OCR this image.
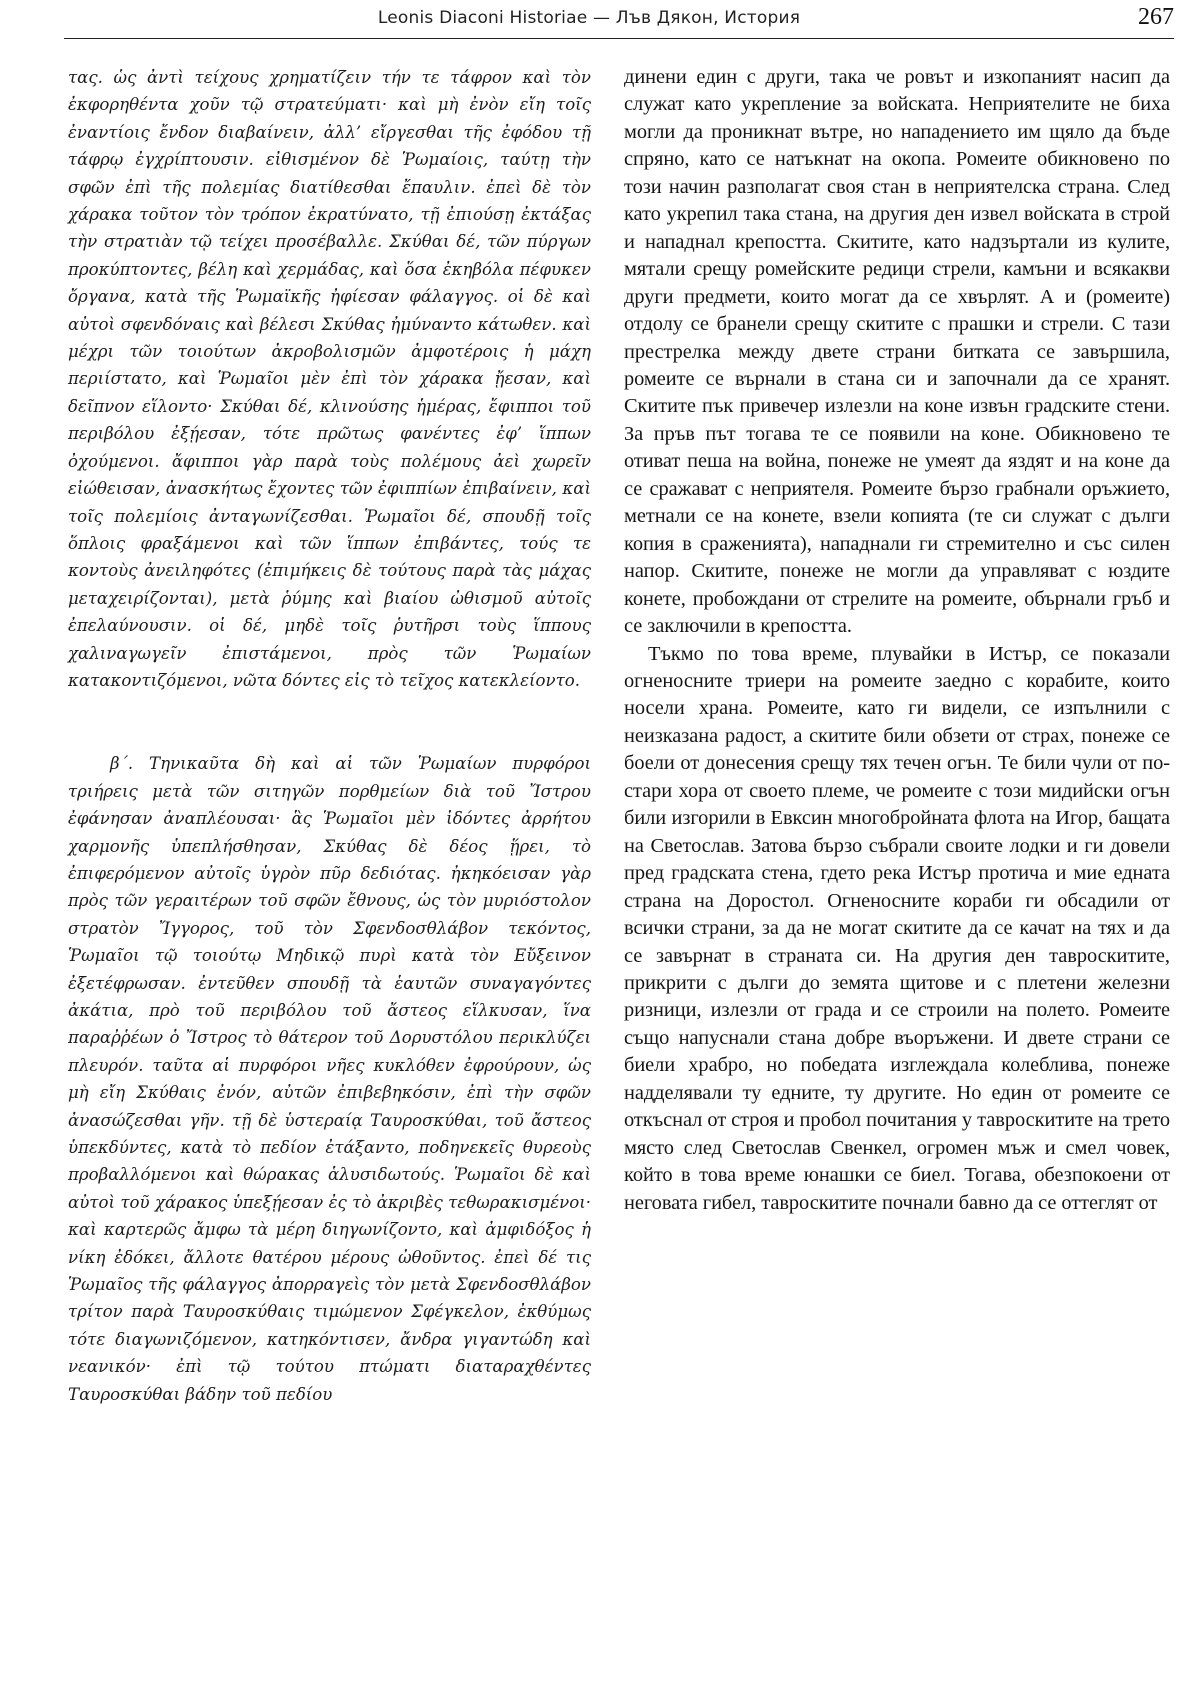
Leonis Diaconi Historiae — Лъв Дякон, История	267

τας. ὡς ἀντὶ τείχους χρηματίζειν τήν τε τάφρον καὶ τὸν ἐκφορηθέντα χοῦν τῷ στρατεύματι· καὶ μὴ ἐνὸν εἴη τοῖς ἐναντίοις ἔνδον διαβαίνειν, ἀλλ’ εἴργεσθαι τῆς ἐφόδου τῇ τάφρῳ ἐγχρίπτουσιν. εἰθισμένον δὲ Ῥωμαίοις, ταύτῃ τὴν σφῶν ἐπὶ τῆς πολεμίας διατίθεσθαι ἔπαυλιν. ἐπεὶ δὲ τὸν χάρακα τοῦτον τὸν τρόπον ἐκρατύνατο, τῇ ἐπιούσῃ ἐκτάξας τὴν στρατιὰν τῷ τείχει προσέβαλλε. Σκύθαι δέ, τῶν πύργων προκύπτοντες, βέλη καὶ χερμάδας, καὶ ὅσα ἐκηβόλα πέφυκεν ὄργανα, κατὰ τῆς Ῥωμαϊκῆς ἠφίεσαν φάλαγγος. οἱ δὲ καὶ αὐτοὶ σφενδόναις καὶ βέλεσι Σκύθας ἠμύναντο κάτωθεν. καὶ μέχρι τῶν τοιούτων ἀκροβολισμῶν ἀμφοτέροις ἡ μάχη περιίστατο, καὶ Ῥωμαῖοι μὲν ἐπὶ τὸν χάρακα ᾔεσαν, καὶ δεῖπνον εἵλοντο· Σκύθαι δέ, κλινούσης ἡμέρας, ἔφιπποι τοῦ περιβόλου ἐξῄεσαν, τότε πρῶτως φανέντες ἐφ’ ἵππων ὀχούμενοι. ἄφιπποι γὰρ παρὰ τοὺς πολέμους ἀεὶ χωρεῖν εἰώθεισαν, ἀνασκήτως ἔχοντες τῶν ἐφιππίων ἐπιβαίνειν, καὶ τοῖς πολεμίοις ἀνταγωνίζεσθαι. Ῥωμαῖοι δέ, σπουδῇ τοῖς ὅπλοις φραξάμενοι καὶ τῶν ἵππων ἐπιβάντες, τούς τε κοντοὺς ἀνειληφότες (ἐπιμήκεις δὲ τούτους παρὰ τὰς μάχας μεταχειρίζονται), μετὰ ῥύμης καὶ βιαίου ὠθισμοῦ αὐτοῖς ἐπελαύνουσιν. οἱ δέ, μηδὲ τοῖς ῥυτῆρσι τοὺς ἵππους χαλιναγωγεῖν ἐπιστάμενοι, πρὸς τῶν Ῥωμαίων κατακοντιζόμενοι, νῶτα δόντες εἰς τὸ τεῖχος κατεκλείοντο.

β´. Τηνικαῦτα δὴ καὶ αἱ τῶν Ῥωμαίων πυρφόροι τριήρεις μετὰ τῶν σιτηγῶν πορθμείων διὰ τοῦ Ἴστρου ἐφάνησαν ἀναπλέουσαι· ἃς Ῥωμαῖοι μὲν ἰδόντες ἀρρήτου χαρμονῆς ὑπεπλήσθησαν, Σκύθας δὲ δέος ᾕρει, τὸ ἐπιφερόμενον αὐτοῖς ὑγρὸν πῦρ δεδιότας. ἠκηκόεισαν γὰρ πρὸς τῶν γεραιτέρων τοῦ σφῶν ἔθνους, ὡς τὸν μυριόστολον στρατὸν Ἴγγορος, τοῦ τὸν Σφενδοσθλάβον τεκόντος, Ῥωμαῖοι τῷ τοιούτῳ Μηδικῷ πυρὶ κατὰ τὸν Εὔξεινον ἐξετέφρωσαν. ἐντεῦθεν σπουδῇ τὰ ἑαυτῶν συναγαγόντες ἀκάτια, πρὸ τοῦ περιβόλου τοῦ ἄστεος εἵλκυσαν, ἵνα παραῤῥέων ὁ Ἴστρος τὸ θάτερον τοῦ Δορυστόλου περικλύζει πλευρόν. ταῦτα αἱ πυρφόροι νῆες κυκλόθεν ἐφρούρουν, ὡς μὴ εἴη Σκύθαις ἐνόν, αὐτῶν ἐπιβεβηκόσιν, ἐπὶ τὴν σφῶν ἀνασώζεσθαι γῆν. τῇ δὲ ὑστεραίᾳ Ταυροσκύθαι, τοῦ ἄστεος ὑπεκδύντες, κατὰ τὸ πεδίον ἐτάξαντο, ποδηνεκεῖς θυρεοὺς προβαλλόμενοι καὶ θώρακας ἁλυσιδωτούς. Ῥωμαῖοι δὲ καὶ αὐτοὶ τοῦ χάρακος ὑπεξῄεσαν ἐς τὸ ἀκριβὲς τεθωρακισμένοι· καὶ καρτερῶς ἄμφω τὰ μέρη διηγωνίζοντο, καὶ ἀμφιδόξος ἡ νίκη ἐδόκει, ἄλλοτε θατέρου μέρους ὠθοῦντος. ἐπεὶ δέ τις Ῥωμαῖος τῆς φάλαγγος ἀπορραγεὶς τὸν μετὰ Σφενδοσθλάβον τρίτον παρὰ Ταυροσκύθαις τιμώμενον Σφέγκελον, ἐκθύμως τότε διαγωνιζόμενον, κατηκόντισεν, ἄνδρα γιγαντώδη καὶ νεανικόν· ἐπὶ τῷ τούτου πτώματι διαταραχθέντες Ταυροσκύθαι βάδην τοῦ πεδίου

динени един с други, така че ровът и изкопаният насип да служат като укрепление за войската. Неприятелите не биха могли да проникнат вътре, но нападението им щяло да бъде спряно, като се натъкнат на окопа. Ромеите обикновено по този начин разполагат своя стан в неприятелска страна. След като укрепил така стана, на другия ден извел войската в строй и нападнал крепостта. Скитите, като надзъртали из кулите, мятали срещу ромейските редици стрели, камъни и всякакви други предмети, които могат да се хвърлят. А и (ромеите) отдолу се бранели срещу скитите с прашки и стрели. С тази престрелка между двете страни битката се завършила, ромеите се върнали в стана си и започнали да се хранят. Скитите пък привечер излезли на коне извън градските стени. За пръв път тогава те се появили на коне. Обикновено те отиват пеша на война, понеже не умеят да яздят и на коне да се сражават с неприятеля. Ромеите бързо грабнали оръжието, метнали се на конете, взели копията (те си служат с дълги копия в сраженията), нападнали ги стремително и със силен напор. Скитите, понеже не могли да управляват с юздите конете, пробождани от стрелите на ромеите, обърнали гръб и се заключили в крепостта.

Тъкмо по това време, плувайки в Истър, се показали огненосните триери на ромеите заедно с корабите, които носели храна. Ромеите, като ги видели, се изпълнили с неизказана радост, а скитите били обзети от страх, понеже се боели от донесения срещу тях течен огън. Те били чули от по-стари хора от своето племе, че ромеите с този мидийски огън били изгорили в Евксин многобройната флота на Игор, бащата на Светослав. Затова бързо събрали своите лодки и ги довели пред градската стена, гдето река Истър протича и мие едната страна на Доростол. Огненосните кораби ги обсадили от всички страни, за да не могат скитите да се качат на тях и да се завърнат в страната си. На другия ден тавроскитите, прикрити с дълги до земята щитове и с плетени железни ризници, излезли от града и се строили на полето. Ромеите също напуснали стана добре въоръжени. И двете страни се биели храбро, но победата изглеждала колеблива, понеже надделявали ту едните, ту другите. Но един от ромеите се откъснал от строя и пробол почитания у тавроскитите на трето място след Светослав Свенкел, огромен мъж и смел човек, който в това време юнашки се биел. Тогава, обезпокоени от неговата гибел, тавроскитите почнали бавно да се оттеглят от
